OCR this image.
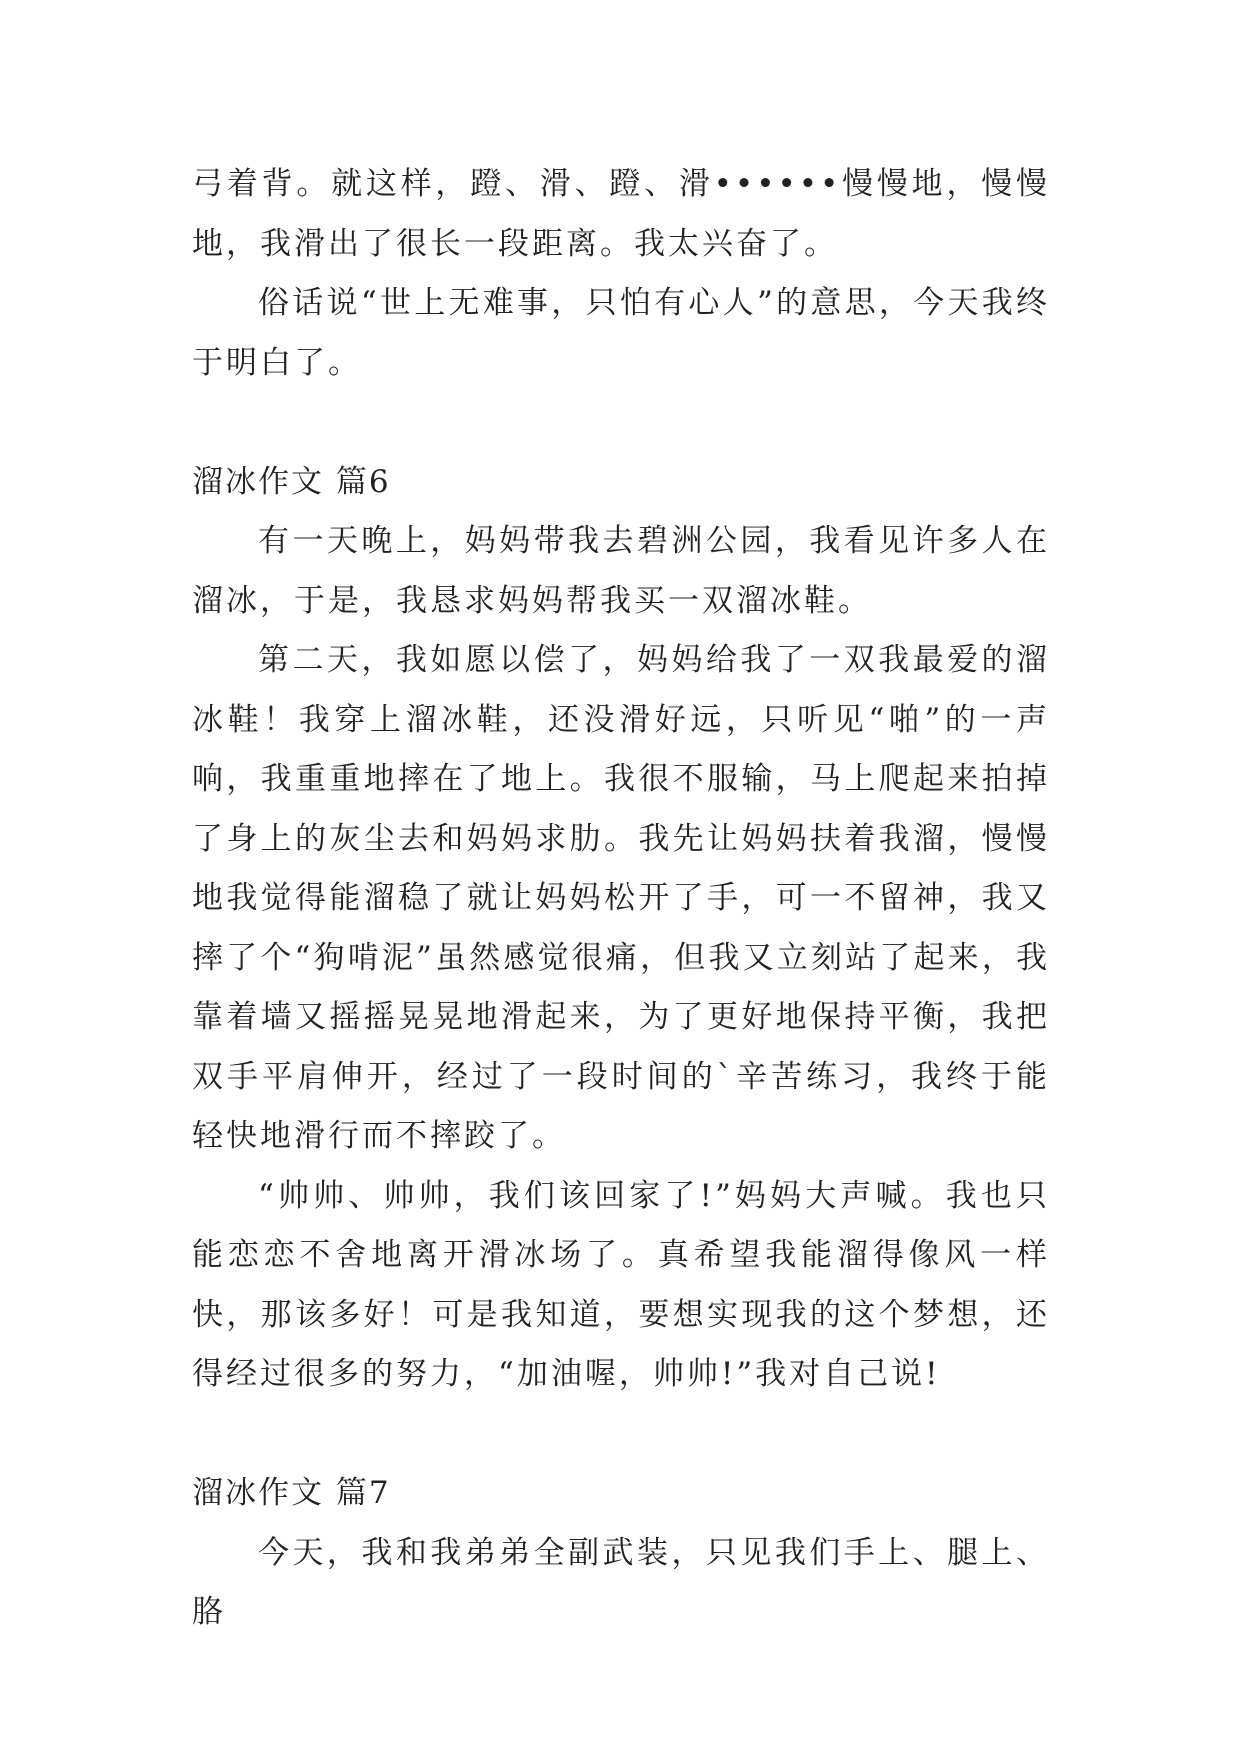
弓着背。就这样，蹬、滑、蹬、滑••••••慢慢地，慢慢地，我滑出了很长一段距离。我太兴奋了。

俗话说“世上无难事，只怕有心人”的意思，今天我终于明白了。

溜冰作文 篇6

有一天晚上，妈妈带我去碧洲公园，我看见许多人在溜冰，于是，我恳求妈妈帮我买一双溜冰鞋。

第二天，我如愿以偿了，妈妈给我了一双我最爱的溜冰鞋！我穿上溜冰鞋，还没滑好远，只听见“啪”的一声响，我重重地摔在了地上。我很不服输，马上爬起来拍掉了身上的灰尘去和妈妈求肋。我先让妈妈扶着我溜，慢慢地我觉得能溜稳了就让妈妈松开了手，可一不留神，我又摔了个“狗啃泥”虽然感觉很痛，但我又立刻站了起来，我靠着墙又摇摇晃晃地滑起来，为了更好地保持平衡，我把双手平肩伸开，经过了一段时间的`辛苦练习，我终于能轻快地滑行而不摔跤了。

“帅帅、帅帅，我们该回家了!”妈妈大声喊。我也只能恋恋不舍地离开滑冰场了。真希望我能溜得像风一样快，那该多好！可是我知道，要想实现我的这个梦想，还得经过很多的努力，“加油喔，帅帅!”我对自己说!

溜冰作文 篇7

今天，我和我弟弟全副武装，只见我们手上、腿上、胳
